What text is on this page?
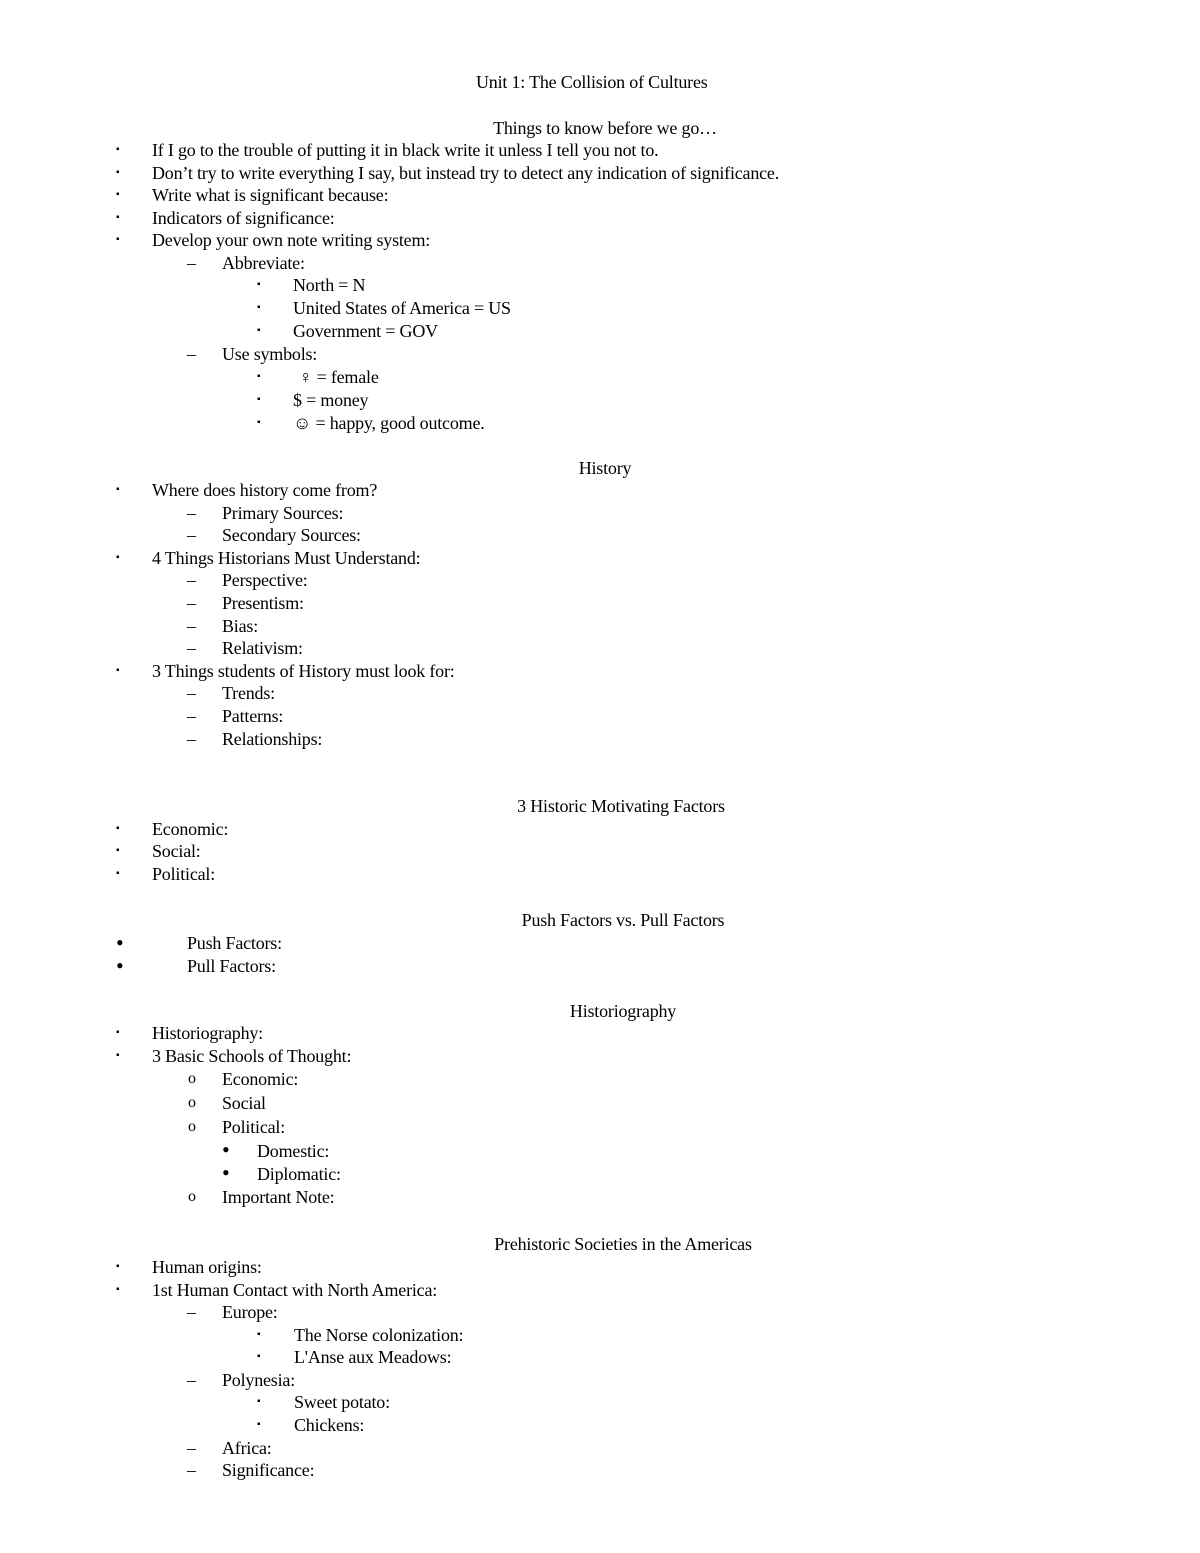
Unit 1: The Collision of Cultures
Things to know before we go…
▪ If I go to the trouble of putting it in black write it unless I tell you not to.
▪ Don’t try to write everything I say, but instead try to detect any indication of significance.
▪ Write what is significant because:
▪ Indicators of significance:
▪ Develop your own note writing system:
– Abbreviate:
▪ North = N
▪ United States of America = US
▪ Government = GOV
– Use symbols:
▪ ♀ = female
▪ $ = money
▪ ☺ = happy, good outcome.
History
▪ Where does history come from?
– Primary Sources:
– Secondary Sources:
▪ 4 Things Historians Must Understand:
– Perspective:
– Presentism:
– Bias:
– Relativism:
▪ 3 Things students of History must look for:
– Trends:
– Patterns:
– Relationships:
3 Historic Motivating Factors
▪ Economic:
▪ Social:
▪ Political:
Push Factors vs. Pull Factors
•	Push Factors:
•	Pull Factors:
Historiography
▪ Historiography:
▪ 3 Basic Schools of Thought:
o Economic:
o Social
o Political:
• Domestic:
• Diplomatic:
o Important Note:
Prehistoric Societies in the Americas
▪ Human origins:
▪ 1st Human Contact with North America:
– Europe:
▪ The Norse colonization:
▪ L'Anse aux Meadows:
– Polynesia:
▪ Sweet potato:
▪ Chickens:
– Africa:
– Significance:
